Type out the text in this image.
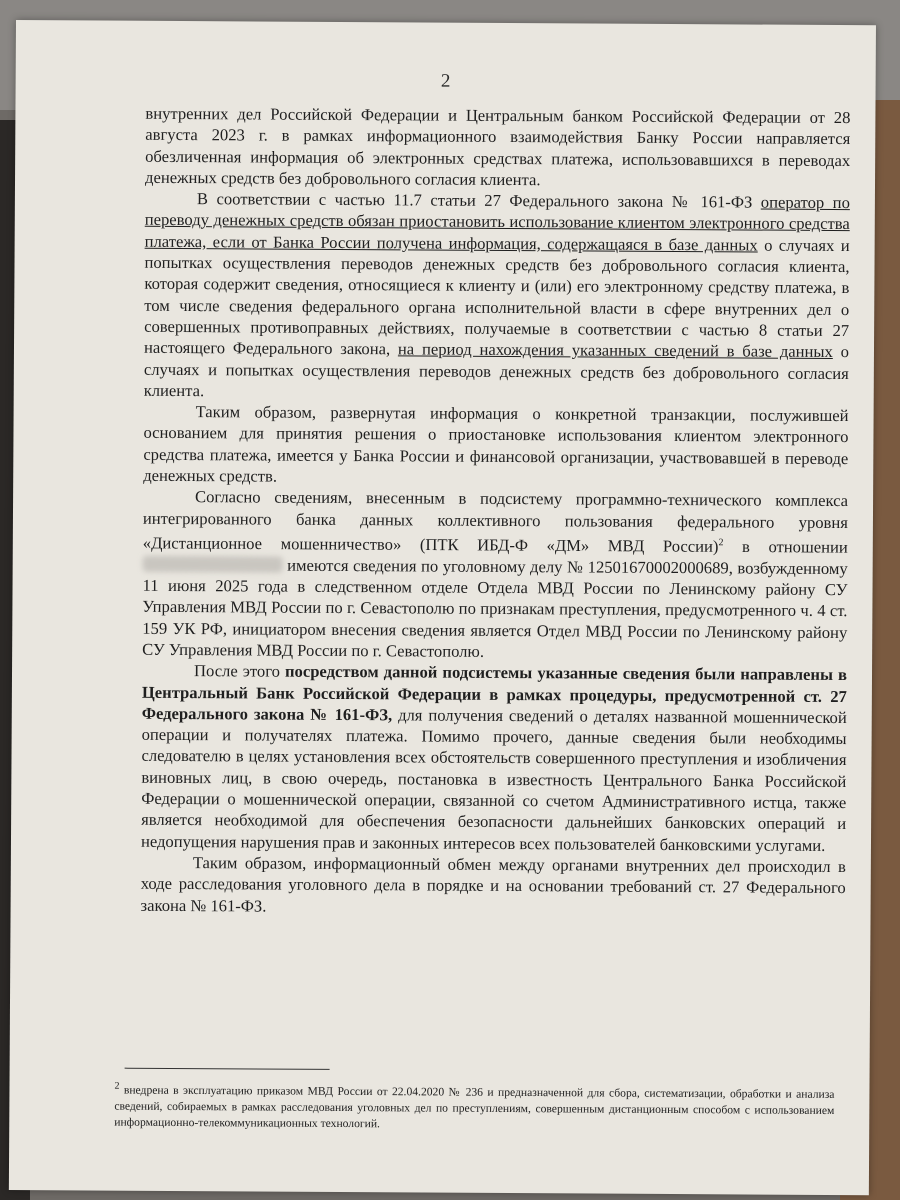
2

внутренних дел Российской Федерации и Центральным банком Российской Федерации от 28 августа 2023 г. в рамках информационного взаимодействия Банку России направляется обезличенная информация об электронных средствах платежа, использовавшихся в переводах денежных средств без добровольного согласия клиента.

В соответствии с частью 11.7 статьи 27 Федерального закона № 161-ФЗ оператор по переводу денежных средств обязан приостановить использование клиентом электронного средства платежа, если от Банка России получена информация, содержащаяся в базе данных о случаях и попытках осуществления переводов денежных средств без добровольного согласия клиента, которая содержит сведения, относящиеся к клиенту и (или) его электронному средству платежа, в том числе сведения федерального органа исполнительной власти в сфере внутренних дел о совершенных противоправных действиях, получаемые в соответствии с частью 8 статьи 27 настоящего Федерального закона, на период нахождения указанных сведений в базе данных о случаях и попытках осуществления переводов денежных средств без добровольного согласия клиента.

Таким образом, развернутая информация о конкретной транзакции, послужившей основанием для принятия решения о приостановке использования клиентом электронного средства платежа, имеется у Банка России и финансовой организации, участвовавшей в переводе денежных средств.

Согласно сведениям, внесенным в подсистему программно-технического комплекса интегрированного банка данных коллективного пользования федерального уровня «Дистанционное мошенничество» (ПТК ИБД-Ф «ДМ» МВД России)$^2$ в отношении  имеются сведения по уголовному делу № 12501670002000689, возбужденному 11 июня 2025 года в следственном отделе Отдела МВД России по Ленинскому району СУ Управления МВД России по г. Севастополю по признакам преступления, предусмотренного ч. 4 ст. 159 УК РФ, инициатором внесения сведения является Отдел МВД России по Ленинскому району СУ Управления МВД России по г. Севастополю.

После этого посредством данной подсистемы указанные сведения были направлены в Центральный Банк Российской Федерации в рамках процедуры, предусмотренной ст. 27 Федерального закона № 161-ФЗ, для получения сведений о деталях названной мошеннической операции и получателях платежа. Помимо прочего, данные сведения были необходимы следователю в целях установления всех обстоятельств совершенного преступления и изобличения виновных лиц, в свою очередь, постановка в известность Центрального Банка Российской Федерации о мошеннической операции, связанной со счетом Административного истца, также является необходимой для обеспечения безопасности дальнейших банковских операций и недопущения нарушения прав и законных интересов всех пользователей банковскими услугами.

Таким образом, информационный обмен между органами внутренних дел происходил в ходе расследования уголовного дела в порядке и на основании требований ст. 27 Федерального закона № 161-ФЗ.

$^2$ внедрена в эксплуатацию приказом МВД России от 22.04.2020 № 236 и предназначенной для сбора, систематизации, обработки и анализа сведений, собираемых в рамках расследования уголовных дел по преступлениям, совершенным дистанционным способом с использованием информационно-телекоммуникационных технологий.
